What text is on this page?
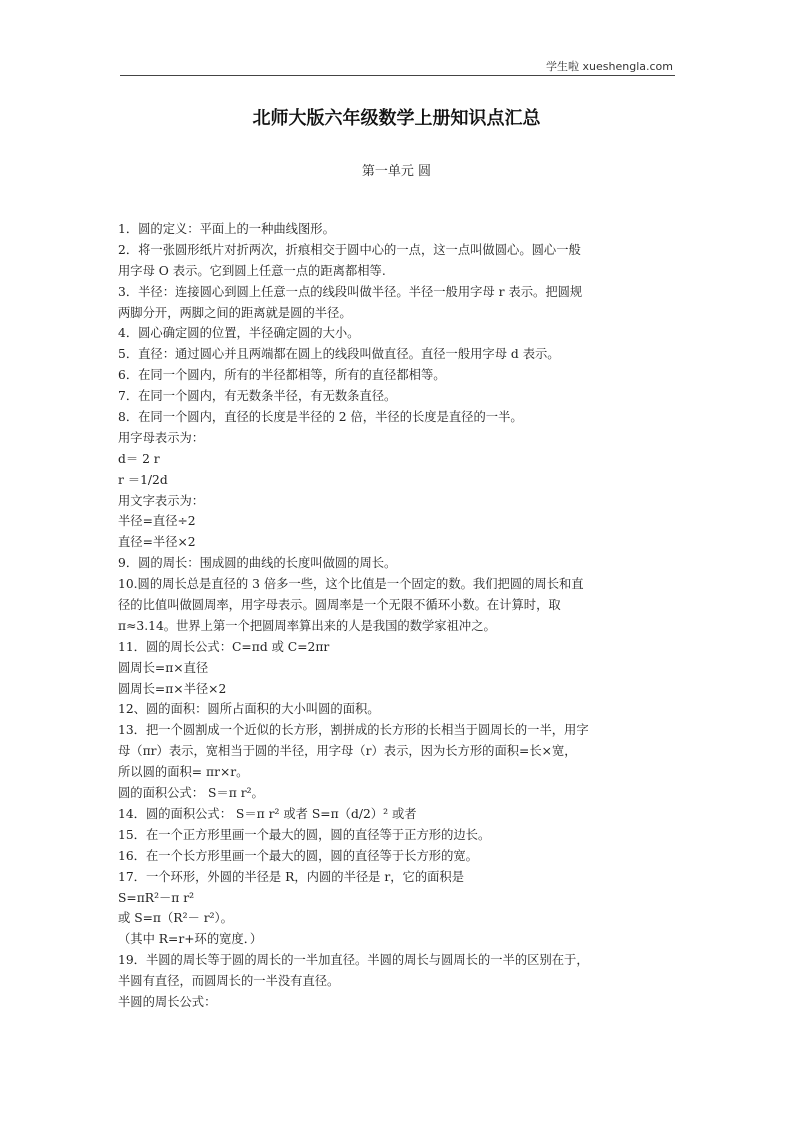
学生啦 xueshengla.com
北师大版六年级数学上册知识点汇总
第一单元 圆
1．圆的定义：平面上的一种曲线图形。
2．将一张圆形纸片对折两次，折痕相交于圆中心的一点，这一点叫做圆心。圆心一般
用字母 O 表示。它到圆上任意一点的距离都相等.
3．半径：连接圆心到圆上任意一点的线段叫做半径。半径一般用字母 r 表示。把圆规
两脚分开，两脚之间的距离就是圆的半径。
4．圆心确定圆的位置，半径确定圆的大小。
5．直径：通过圆心并且两端都在圆上的线段叫做直径。直径一般用字母 d 表示。
6．在同一个圆内，所有的半径都相等，所有的直径都相等。
7．在同一个圆内，有无数条半径，有无数条直径。
8．在同一个圆内，直径的长度是半径的 2 倍，半径的长度是直径的一半。
用字母表示为：
d＝ 2 r
r ＝1/2d
用文字表示为：
半径=直径÷2
直径=半径×2
9．圆的周长：围成圆的曲线的长度叫做圆的周长。
10.圆的周长总是直径的 3 倍多一些，这个比值是一个固定的数。我们把圆的周长和直
径的比值叫做圆周率，用字母表示。圆周率是一个无限不循环小数。在计算时，取
π≈3.14。世界上第一个把圆周率算出来的人是我国的数学家祖冲之。
11．圆的周长公式：C=πd 或 C=2πr
圆周长=π×直径
圆周长=π×半径×2
12、圆的面积：圆所占面积的大小叫圆的面积。
13．把一个圆割成一个近似的长方形，割拼成的长方形的长相当于圆周长的一半，用字
母（πr）表示，宽相当于圆的半径，用字母（r）表示，因为长方形的面积=长×宽，
所以圆的面积= πr×r。
圆的面积公式： S＝π r²。
14．圆的面积公式： S＝π r² 或者 S=π（d/2）² 或者
15．在一个正方形里画一个最大的圆，圆的直径等于正方形的边长。
16．在一个长方形里画一个最大的圆，圆的直径等于长方形的宽。
17．一个环形，外圆的半径是 R，内圆的半径是 r，它的面积是
S=πR²－π r²
或 S=π（R²－ r²）。
（其中 R=r+环的宽度．）
19．半圆的周长等于圆的周长的一半加直径。半圆的周长与圆周长的一半的区别在于，
半圆有直径，而圆周长的一半没有直径。
半圆的周长公式：
